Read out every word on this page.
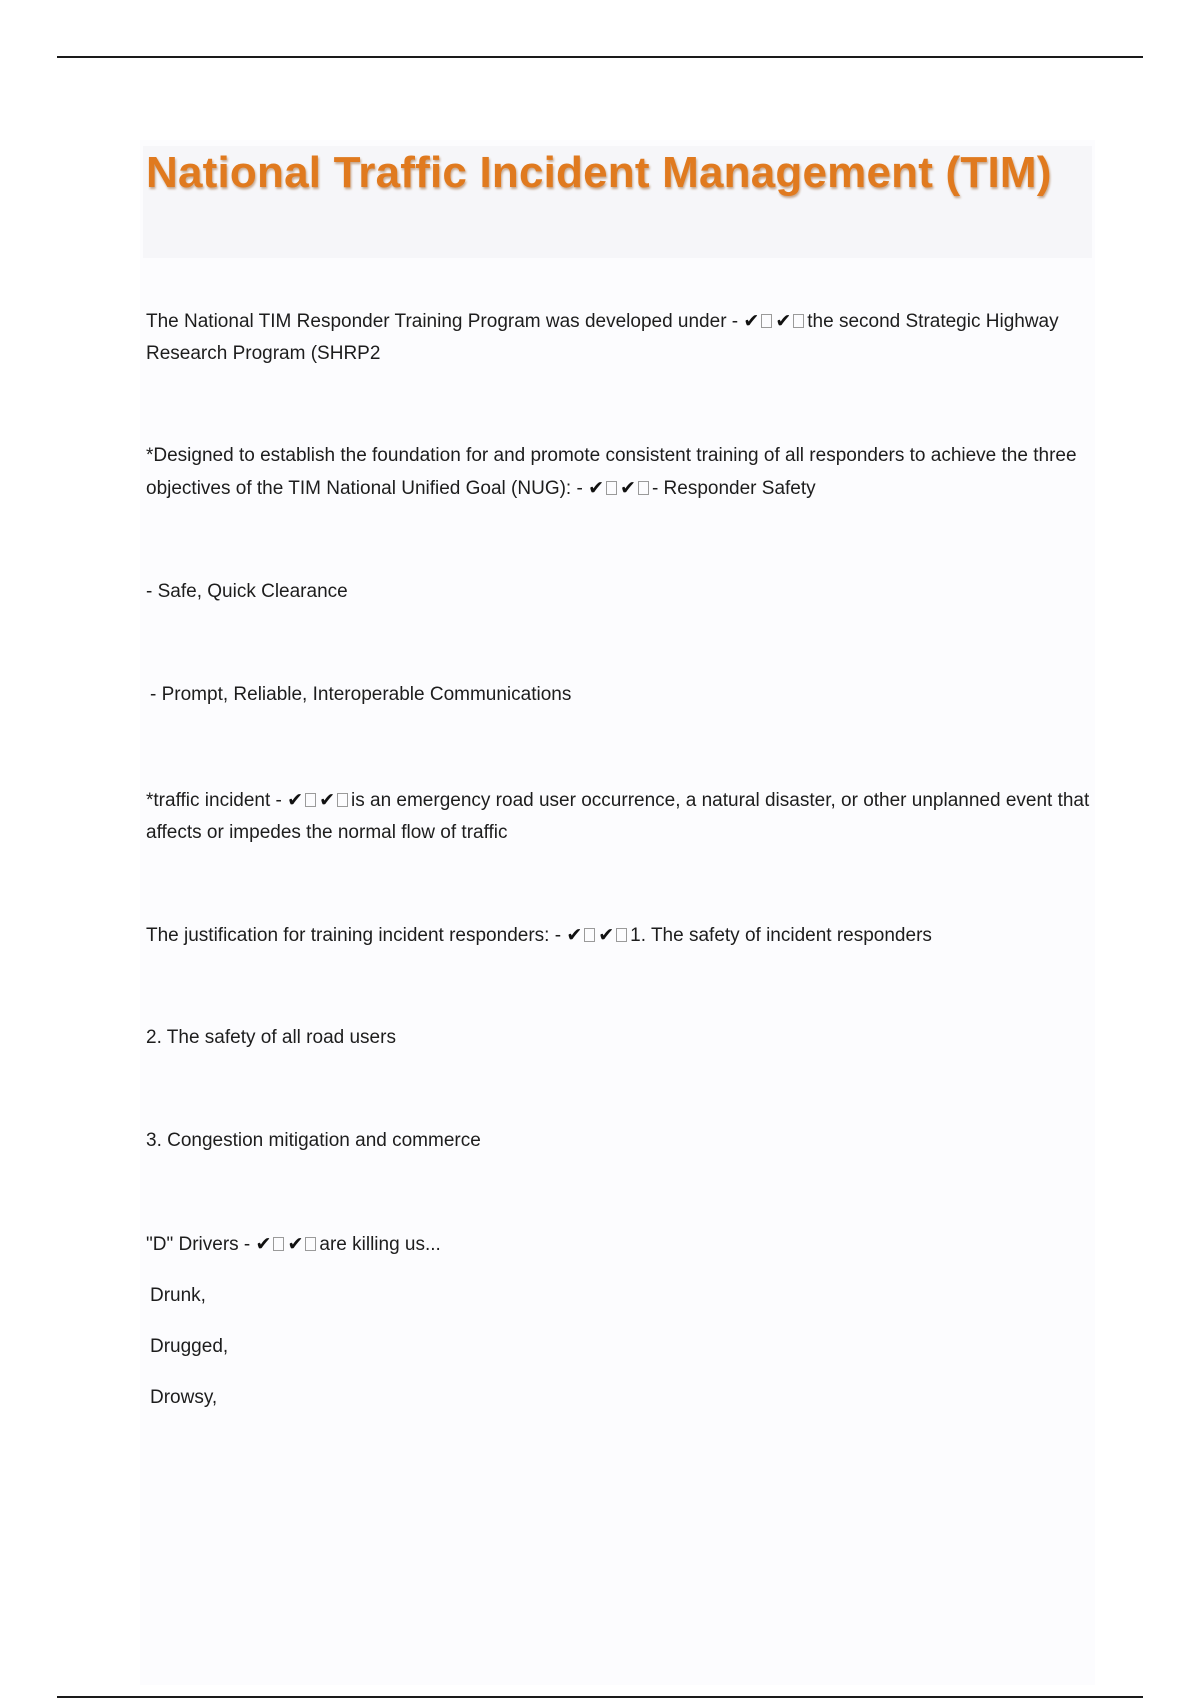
National Traffic Incident Management (TIM)

The National TIM Responder Training Program was developed under - ✔ ✔ the second Strategic Highway Research Program (SHRP2

*Designed to establish the foundation for and promote consistent training of all responders to achieve the three objectives of the TIM National Unified Goal (NUG): - ✔ ✔ - Responder Safety

- Safe, Quick Clearance

- Prompt, Reliable, Interoperable Communications

*traffic incident - ✔ ✔ is an emergency road user occurrence, a natural disaster, or other unplanned event that affects or impedes the normal flow of traffic

The justification for training incident responders: - ✔ ✔ 1. The safety of incident responders

2. The safety of all road users

3. Congestion mitigation and commerce

"D" Drivers - ✔ ✔ are killing us...

Drunk,

Drugged,

Drowsy,
